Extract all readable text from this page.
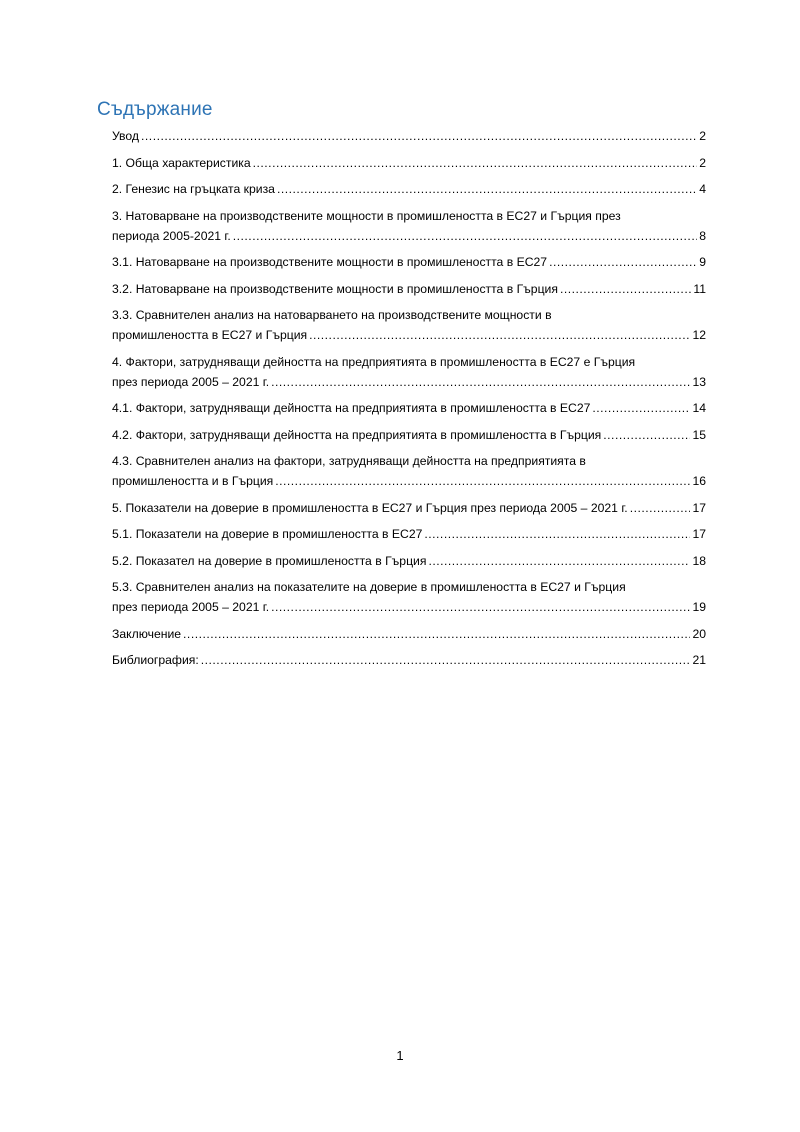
Съдържание
Увод .....	2
1. Обща характеристика .....	2
2. Генезис на гръцката криза .....	4
3. Натоварване на производствените мощности в промишлеността в ЕС27 и Гърция през
периода 2005-2021 г. .....	8
3.1. Натоварване на производствените мощности в промишлеността в ЕС27 .....	9
3.2. Натоварване на производствените мощности в промишлеността в Гърция .....	11
3.3. Сравнителен анализ на натоварването на производствените мощности в
промишлеността в ЕС27 и Гърция .....	12
4. Фактори, затрудняващи дейността на предприятията в промишлеността в ЕС27 е Гърция
през периода 2005 – 2021 г. .....	13
4.1. Фактори, затрудняващи дейността на предприятията в промишлеността в ЕС27 .....	14
4.2. Фактори, затрудняващи дейността на предприятията в промишлеността в Гърция .....	15
4.3. Сравнителен анализ на фактори, затрудняващи дейността на предприятията в
промишлеността и в Гърция .....	16
5. Показатели на доверие в промишлеността в ЕС27 и Гърция през периода 2005 – 2021 г. .....	17
5.1. Показатели на доверие в промишлеността в ЕС27 .....	17
5.2. Показател на доверие в промишлеността в Гърция .....	18
5.3. Сравнителен анализ на показателите на доверие в промишлеността в ЕС27 и Гърция
през периода 2005 – 2021 г. .....	19
Заключение .....	20
Библиография: .....	21
1
